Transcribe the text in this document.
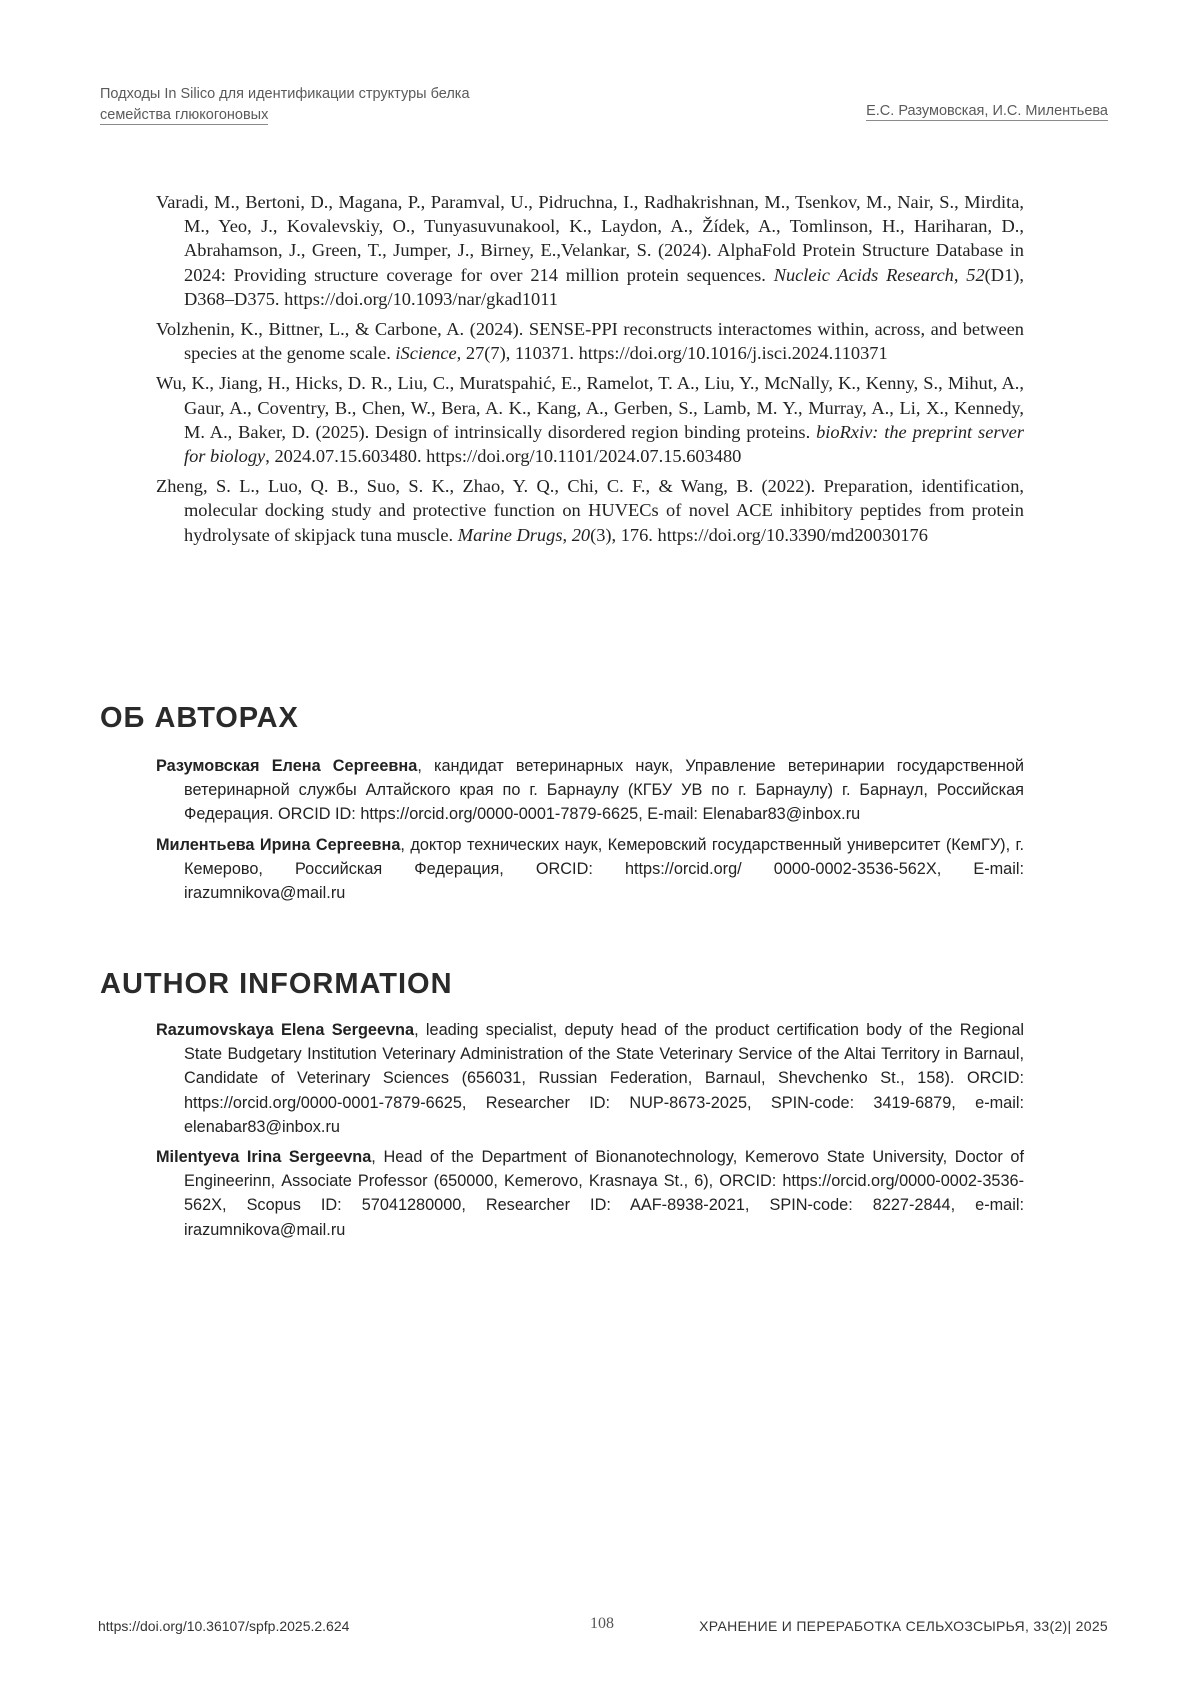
Подходы In Silico для идентификации структуры белка
семейства глюкогоновых	Е.С. Разумовская, И.С. Милентьева
Varadi, M., Bertoni, D., Magana, P., Paramval, U., Pidruchna, I., Radhakrishnan, M., Tsenkov, M., Nair, S., Mirdita, M., Yeo, J., Kovalevskiy, O., Tunyasuvunakool, K., Laydon, A., Žídek, A., Tomlinson, H., Hariharan, D., Abrahamson, J., Green, T., Jumper, J., Birney, E.,Velankar, S. (2024). AlphaFold Protein Structure Database in 2024: Providing structure coverage for over 214 million protein sequences. Nucleic Acids Research, 52(D1), D368–D375. https://doi.org/10.1093/nar/gkad1011
Volzhenin, K., Bittner, L., & Carbone, A. (2024). SENSE-PPI reconstructs interactomes within, across, and between species at the genome scale. iScience, 27(7), 110371. https://doi.org/10.1016/j.isci.2024.110371
Wu, K., Jiang, H., Hicks, D. R., Liu, C., Muratspahić, E., Ramelot, T. A., Liu, Y., McNally, K., Kenny, S., Mihut, A., Gaur, A., Coventry, B., Chen, W., Bera, A. K., Kang, A., Gerben, S., Lamb, M. Y., Murray, A., Li, X., Kennedy, M. A., Baker, D. (2025). Design of intrinsically disordered region binding proteins. bioRxiv: the preprint server for biology, 2024.07.15.603480. https://doi.org/10.1101/2024.07.15.603480
Zheng, S. L., Luo, Q. B., Suo, S. K., Zhao, Y. Q., Chi, C. F., & Wang, B. (2022). Preparation, identification, molecular docking study and protective function on HUVECs of novel ACE inhibitory peptides from protein hydrolysate of skipjack tuna muscle. Marine Drugs, 20(3), 176. https://doi.org/10.3390/md20030176
ОБ АВТОРАХ
Разумовская Елена Сергеевна, кандидат ветеринарных наук, Управление ветеринарии государственной ветеринарной службы Алтайского края по г. Барнаулу (КГБУ УВ по г. Барнаулу) г. Барнаул, Российская Федерация. ORCID ID: https://orcid.org/0000-0001-7879-6625, E-mail: Elenabar83@inbox.ru
Милентьева Ирина Сергеевна, доктор технических наук, Кемеровский государственный университет (КемГУ), г. Кемерово, Российская Федерация, ORCID: https://orcid.org/ 0000-0002-3536-562X, E-mail: irazumnikova@mail.ru
AUTHOR INFORMATION
Razumovskaya Elena Sergeevna, leading specialist, deputy head of the product certification body of the Regional State Budgetary Institution Veterinary Administration of the State Veterinary Service of the Altai Territory in Barnaul, Candidate of Veterinary Sciences (656031, Russian Federation, Barnaul, Shevchenko St., 158). ORCID: https://orcid.org/0000-0001-7879-6625, Researcher ID: NUP-8673-2025, SPIN-code: 3419-6879, e-mail: elenabar83@inbox.ru
Milentyeva Irina Sergeevna, Head of the Department of Bionanotechnology, Kemerovo State University, Doctor of Engineerinп, Associate Professor (650000, Kemerovo, Krasnaya St., 6), ORCID: https://orcid.org/0000-0002-3536-562X, Scopus ID: 57041280000, Researcher ID: AAF-8938-2021, SPIN-code: 8227-2844, e-mail: irazumnikova@mail.ru
https://doi.org/10.36107/spfp.2025.2.624	108	ХРАНЕНИЕ И ПЕРЕРАБОТКА СЕЛЬХОЗСЫРЬЯ, 33(2)| 2025
